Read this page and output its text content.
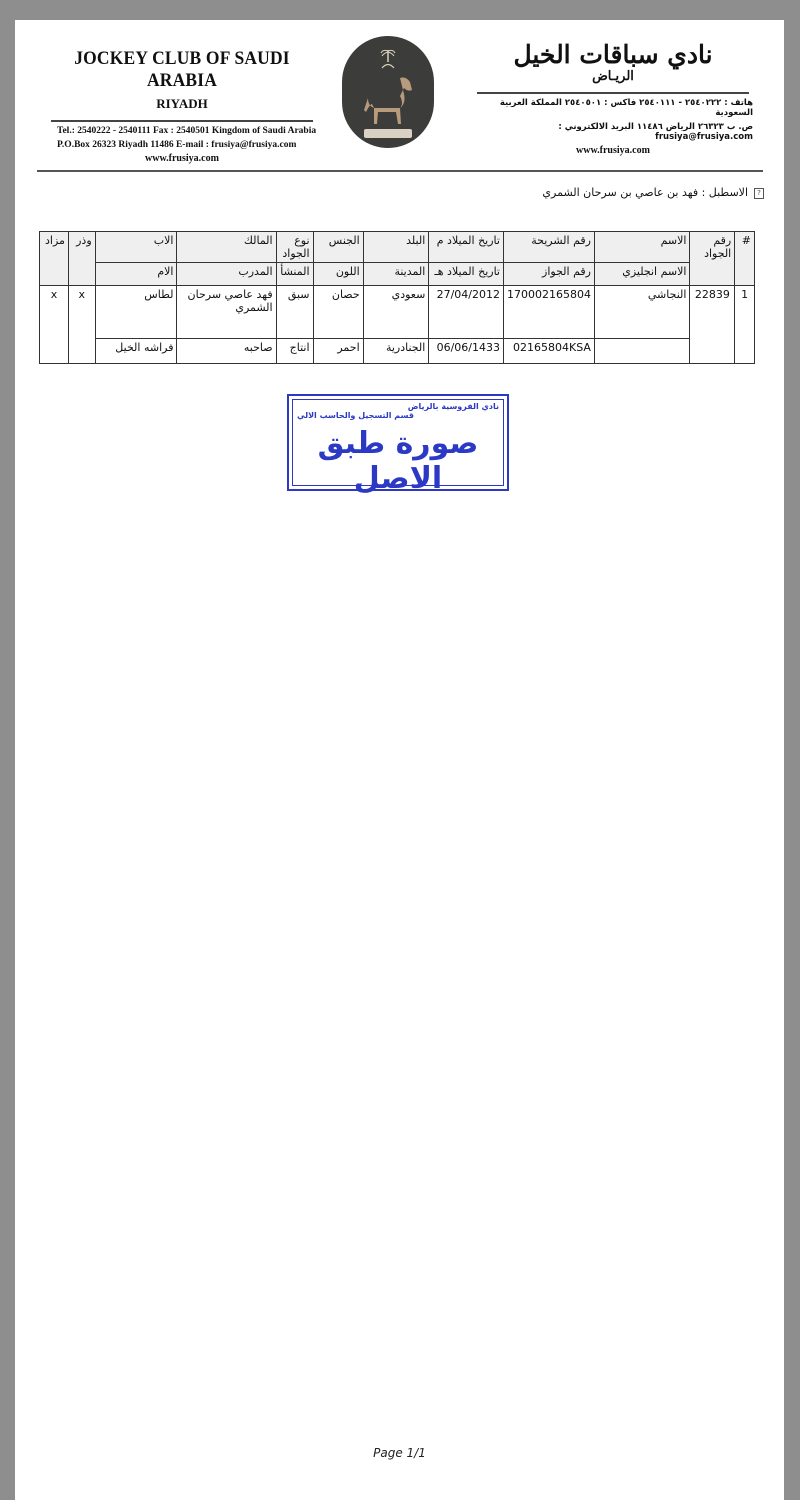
JOCKEY CLUB OF SAUDI ARABIA
RIYADH
Tel.: 2540222 - 2540111 Fax : 2540501 Kingdom of Saudi Arabia
P.O.Box 26323 Riyadh 11486 E-mail : frusiya@frusiya.com
www.frusiya.com
نادي سباقات الخيل
الريـاض
هاتف : ٢٥٤٠٢٢٢ - ٢٥٤٠١١١ فاكس : ٢٥٤٠٥٠١ المملكة العربية السعودية
ص. ب ٢٦٣٢٣ الرياض ١١٤٨٦ البريد الالكتروني : frusiya@frusiya.com
www.frusiya.com
?الاسطبل : فهد بن عاصي بن سرحان الشمري
#	رقم الجواد	الاسم	رقم الشريحة	تاريخ الميلاد م	البلد	الجنس	نوع الجواد	المالك	الاب	وذر	مزاد
		الاسم انجليزي	رقم الجواز	تاريخ الميلاد هـ	المدينة	اللون	المنشأ	المدرب	الام		
1	22839	النجاشي	170002165804	27/04/2012	سعودي	حصان	سبق	فهد عاصي سرحان الشمري	لطاس	x	x
			02165804KSA	06/06/1433	الجنادرية	احمر	انتاج	صاحبه	فراشه الخيل		
نادي الفروسية بالرياض
قسم التسجيل والحاسب الالي
صورة طبق الاصل
Page 1/1
